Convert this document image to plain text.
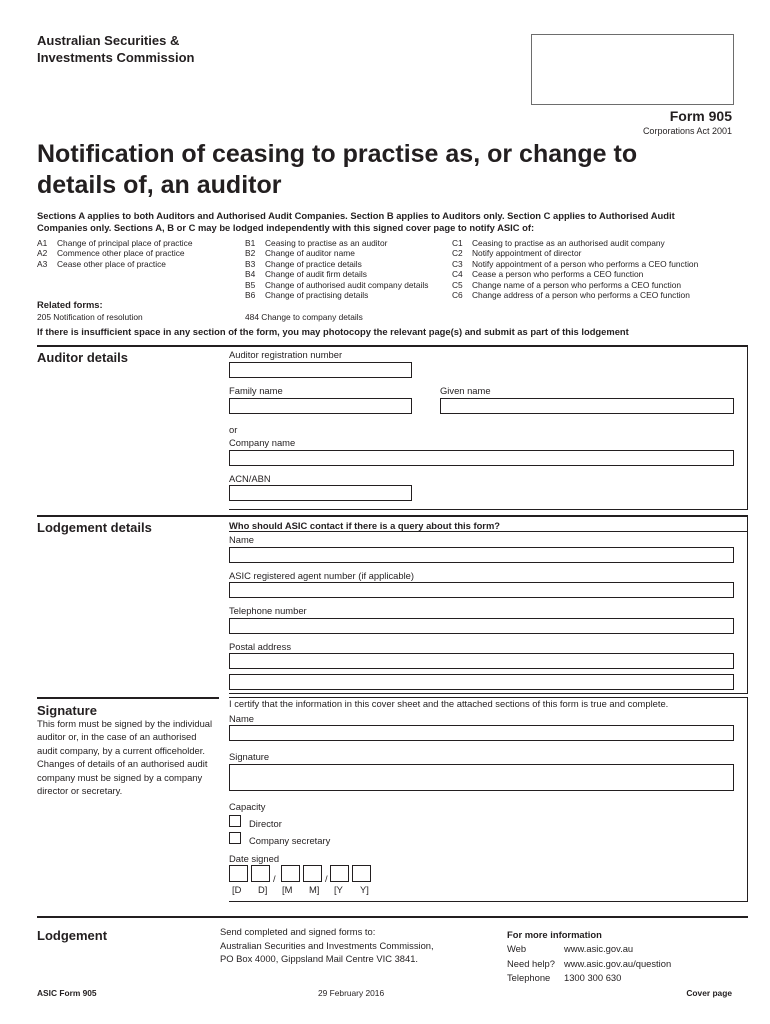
Australian Securities &
Investments Commission
Form 905
Corporations Act 2001
Notification of ceasing to practise as, or change to
details of, an auditor
Sections A applies to both Auditors and Authorised Audit Companies. Section B applies to Auditors only. Section C applies to Authorised Audit
Companies only. Sections A, B or C may be lodged independently with this signed cover page to notify ASIC of:
A1 Change of principal place of practice
A2 Commence other place of practice
A3 Cease other place of practice
B1 Ceasing to practise as an auditor
B2 Change of auditor name
B3 Change of practice details
B4 Change of audit firm details
B5 Change of authorised audit company details
B6 Change of practising details
C1 Ceasing to practise as an authorised audit company
C2 Notify appointment of director
C3 Notify appointment of a person who performs a CEO function
C4 Cease a person who performs a CEO function
C5 Change name of a person who performs a CEO function
C6 Change address of a person who performs a CEO function
Related forms:
205 Notification of resolution	484 Change to company details
If there is insufficient space in any section of the form, you may photocopy the relevant page(s) and submit as part of this lodgement
Auditor details	Auditor registration number
Family name	Given name
or
Company name
ACN/ABN
Lodgement details	Who should ASIC contact if there is a query about this form?
Name
ASIC registered agent number (if applicable)
Telephone number
Postal address
Signature
This form must be signed by the individual auditor or, in the case of an authorised audit company, by a current officeholder. Changes of details of an authorised audit company must be signed by a company director or secretary.
I certify that the information in this cover sheet and the attached sections of this form is true and complete.
Name
Signature
Capacity
Director
Company secretary
Date signed
/	/
[D D] [M M] [Y Y]
Lodgement	Send completed and signed forms to:
Australian Securities and Investments Commission,
PO Box 4000, Gippsland Mail Centre VIC 3841.
For more information
Web	www.asic.gov.au
Need help? www.asic.gov.au/question
Telephone 1300 300 630
ASIC Form 905	29 February 2016	Cover page
